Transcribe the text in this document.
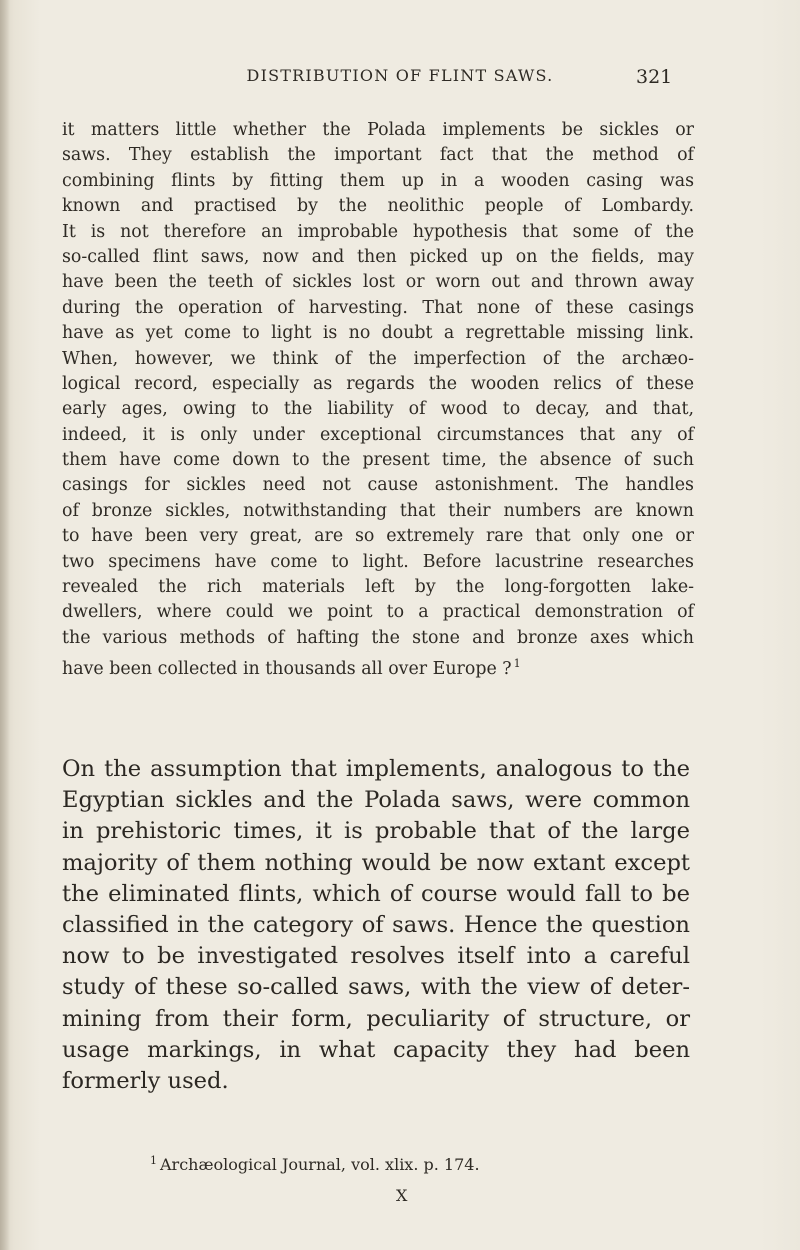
DISTRIBUTION OF FLINT SAWS.	321
it matters little whether the Polada implements be sickles or
saws. They establish the important fact that the method of
combining flints by fitting them up in a wooden casing was
known and practised by the neolithic people of Lombardy.
It is not therefore an improbable hypothesis that some of the
so-called flint saws, now and then picked up on the fields, may
have been the teeth of sickles lost or worn out and thrown away
during the operation of harvesting. That none of these casings
have as yet come to light is no doubt a regrettable missing link.
When, however, we think of the imperfection of the archæo-
logical record, especially as regards the wooden relics of these
early ages, owing to the liability of wood to decay, and that,
indeed, it is only under exceptional circumstances that any of
them have come down to the present time, the absence of such
casings for sickles need not cause astonishment. The handles
of bronze sickles, notwithstanding that their numbers are known
to have been very great, are so extremely rare that only one or
two specimens have come to light. Before lacustrine researches
revealed the rich materials left by the long-forgotten lake-
dwellers, where could we point to a practical demonstration of
the various methods of hafting the stone and bronze axes which
have been collected in thousands all over Europe ? $^1$
On the assumption that implements, analogous to the
Egyptian sickles and the Polada saws, were common
in prehistoric times, it is probable that of the large
majority of them nothing would be now extant except
the eliminated flints, which of course would fall to be
classified in the category of saws. Hence the question
now to be investigated resolves itself into a careful
study of these so-called saws, with the view of deter-
mining from their form, peculiarity of structure, or
usage markings, in what capacity they had been
formerly used.
$^1$ Archæological Journal, vol. xlix. p. 174.
X
